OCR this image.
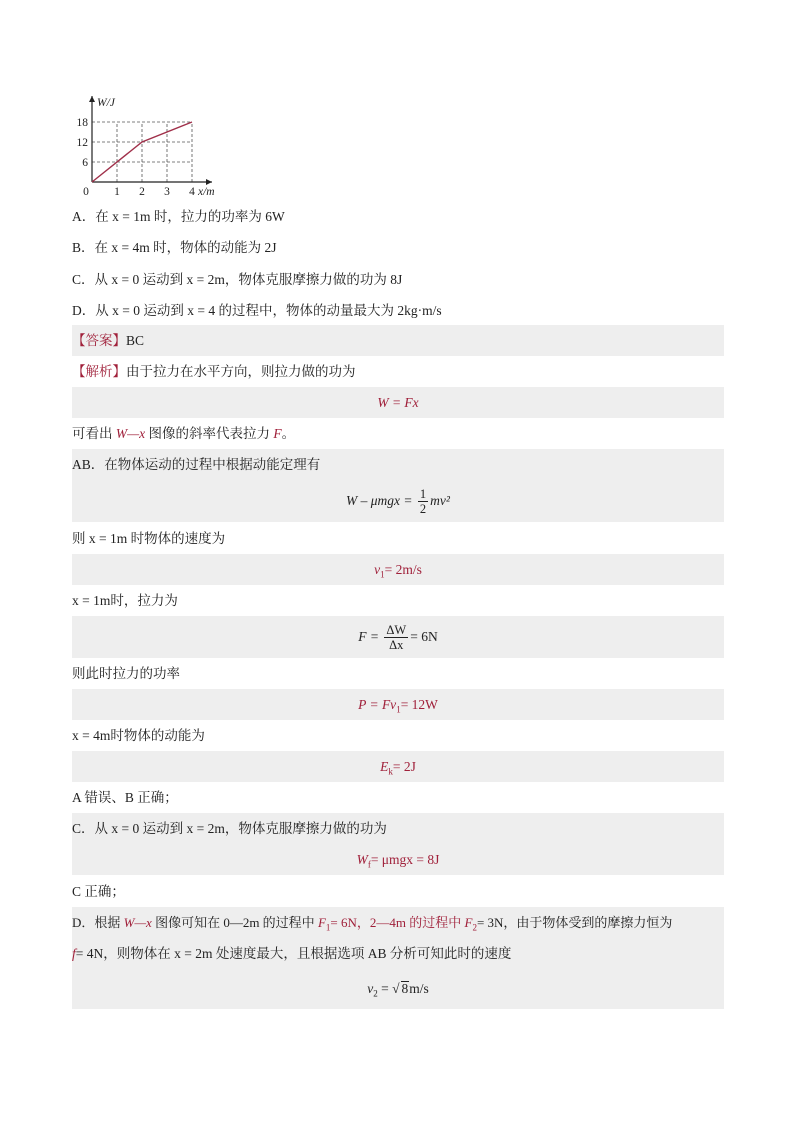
0 1 2 3 4
6
12
18
W/J
x/m
A．在 x = 1m 时，拉力的功率为 6W
B．在 x = 4m 时，物体的动能为 2J
C．从 x = 0 运动到 x = 2m，物体克服摩擦力做的功为 8J
D．从 x = 0 运动到 x = 4 的过程中，物体的动量最大为 2kg·m/s
【答案】BC
【解析】由于拉力在水平方向，则拉力做的功为
W = Fx
可看出 W—x 图像的斜率代表拉力 F。
AB．在物体运动的过程中根据动能定理有
$W - \mu mgx = \frac{1}{2} mv^2$
则 x = 1m 时物体的速度为
$v_1= 2m/s$
x = 1m时，拉力为
$F = \frac{\Delta W}{\Delta x} = 6N$
则此时拉力的功率
$P = Fv_1= 12W$
x = 4m时物体的动能为
$E_k= 2J$
A 错误、B 正确；
C．从 x = 0 运动到 x = 2m，物体克服摩擦力做的功为
$W_f= \mu mgx = 8J$
C 正确；
D．根据 W—x 图像可知在 0—2m 的过程中 $F_1= 6N$，2—4m 的过程中 $F_2= 3N$，由于物体受到的摩擦力恒为
f= 4N，则物体在 x = 2m 处速度最大，且根据选项 AB 分析可知此时的速度
$v_2$ = √ 8m/s
